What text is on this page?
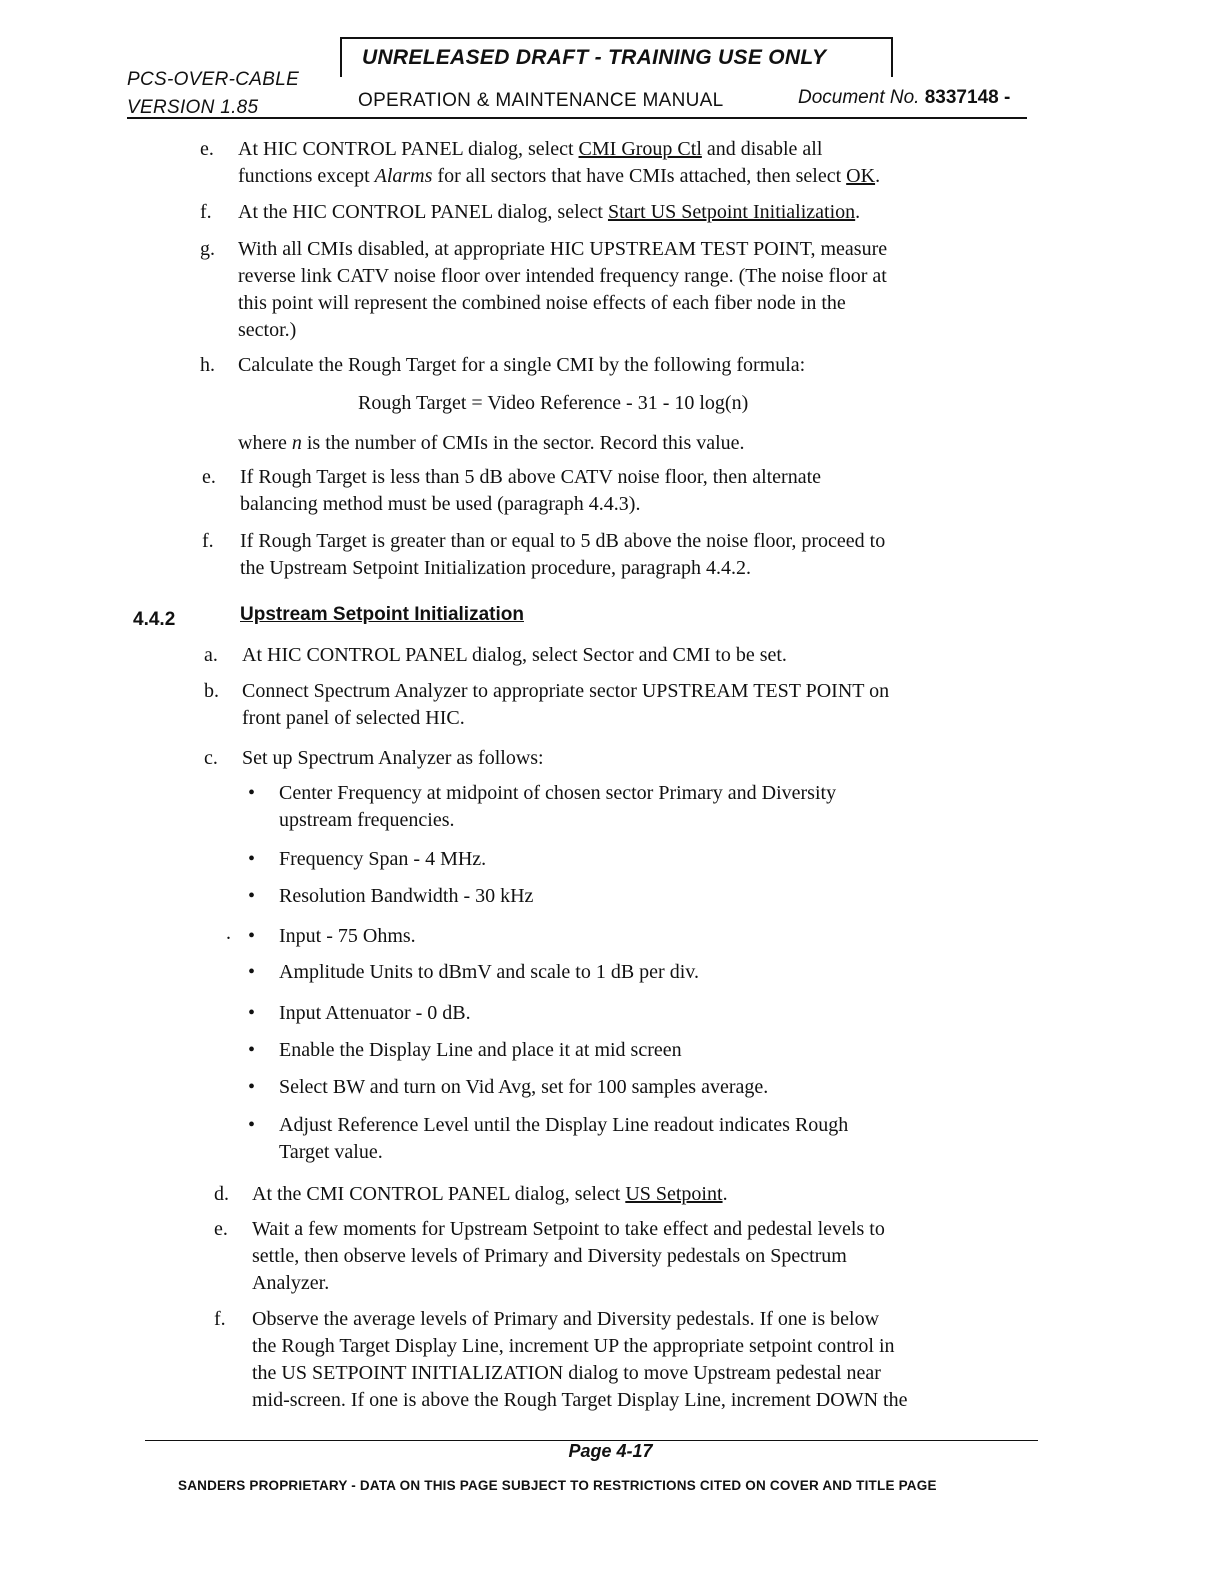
PCS-OVER-CABLE
VERSION 1.85
UNRELEASED DRAFT - TRAINING USE ONLY
OPERATION & MAINTENANCE MANUAL	Document No. 8337148 -
e. At HIC CONTROL PANEL dialog, select CMI Group Ctl and disable all
functions except Alarms for all sectors that have CMIs attached, then select OK.
f. At the HIC CONTROL PANEL dialog, select Start US Setpoint Initialization.
g. With all CMIs disabled, at appropriate HIC UPSTREAM TEST POINT, measure
reverse link CATV noise floor over intended frequency range. (The noise floor at
this point will represent the combined noise effects of each fiber node in the
sector.)
h. Calculate the Rough Target for a single CMI by the following formula:
Rough Target = Video Reference - 31 - 10 log(n)
where n is the number of CMIs in the sector. Record this value.
e. If Rough Target is less than 5 dB above CATV noise floor, then alternate
balancing method must be used (paragraph 4.4.3).
f. If Rough Target is greater than or equal to 5 dB above the noise floor, proceed to
the Upstream Setpoint Initialization procedure, paragraph 4.4.2.
4.4.2	Upstream Setpoint Initialization
a. At HIC CONTROL PANEL dialog, select Sector and CMI to be set.
b. Connect Spectrum Analyzer to appropriate sector UPSTREAM TEST POINT on
front panel of selected HIC.
c. Set up Spectrum Analyzer as follows:
• Center Frequency at midpoint of chosen sector Primary and Diversity
upstream frequencies.
• Frequency Span - 4 MHz.
• Resolution Bandwidth - 30 kHz
. • Input - 75 Ohms.
• Amplitude Units to dBmV and scale to 1 dB per div.
• Input Attenuator - 0 dB.
• Enable the Display Line and place it at mid screen
• Select BW and turn on Vid Avg, set for 100 samples average.
• Adjust Reference Level until the Display Line readout indicates Rough
Target value.
d. At the CMI CONTROL PANEL dialog, select US Setpoint.
e. Wait a few moments for Upstream Setpoint to take effect and pedestal levels to
settle, then observe levels of Primary and Diversity pedestals on Spectrum
Analyzer.
f. Observe the average levels of Primary and Diversity pedestals. If one is below
the Rough Target Display Line, increment UP the appropriate setpoint control in
the US SETPOINT INITIALIZATION dialog to move Upstream pedestal near
mid-screen. If one is above the Rough Target Display Line, increment DOWN the
Page 4-17
SANDERS PROPRIETARY - DATA ON THIS PAGE SUBJECT TO RESTRICTIONS CITED ON COVER AND TITLE PAGE
